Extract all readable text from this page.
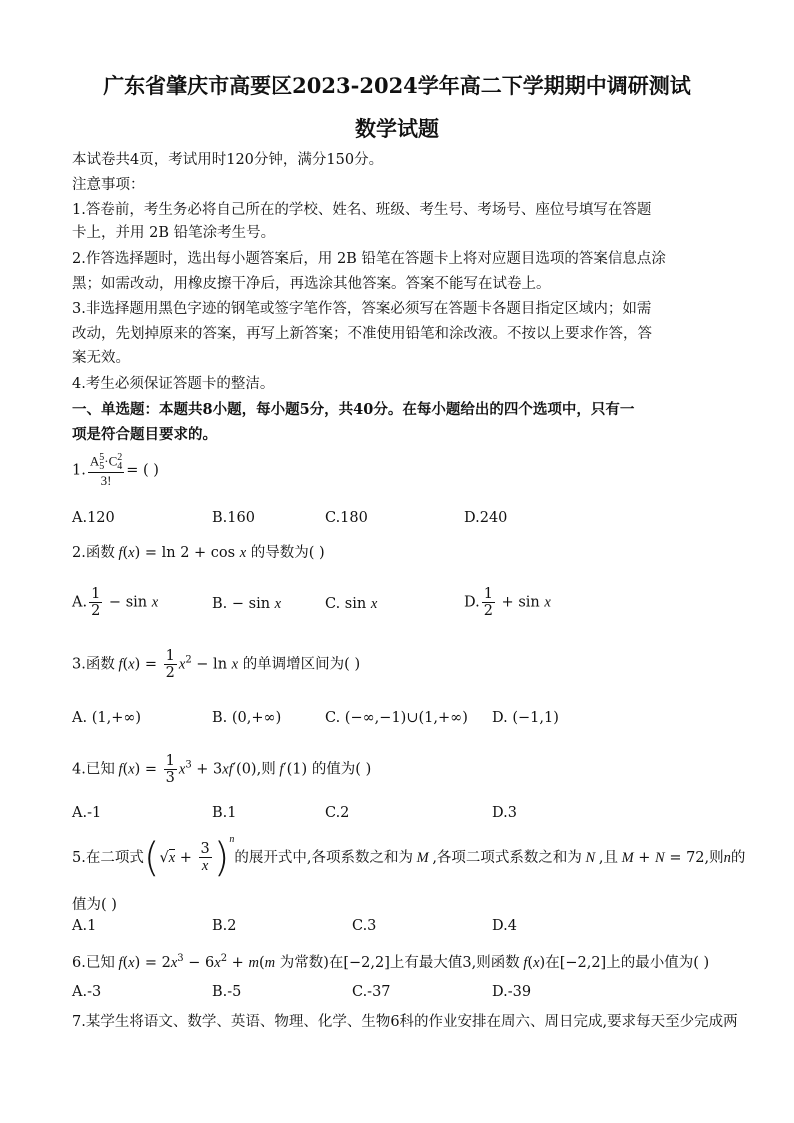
广东省肇庆市高要区2023-2024学年高二下学期期中调研测试
数学试题
本试卷共4页，考试用时120分钟，满分150分。
注意事项：
1.答卷前，考生务必将自己所在的学校、姓名、班级、考生号、考场号、座位号填写在答题
卡上，并用 2B 铅笔涂考生号。
2.作答选择题时，选出每小题答案后，用 2B 铅笔在答题卡上将对应题目选项的答案信息点涂
黑；如需改动，用橡皮擦干净后，再选涂其他答案。答案不能写在试卷上。
3.非选择题用黑色字迹的钢笔或签字笔作答，答案必须写在答题卡各题目指定区域内；如需
改动，先划掉原来的答案，再写上新答案；不准使用铅笔和涂改液。不按以上要求作答，答
案无效。
4.考生必须保证答题卡的整洁。
一、单选题：本题共8小题，每小题5分，共40分。在每小题给出的四个选项中，只有一
项是符合题目要求的。
1. $\frac{A_5^5\cdot C_4^2}{3!}$ = ( )
A.120	B.160	C.180	D.240
2.函数 f(x) = ln 2 + cos x 的导数为( )
A. $\frac{1}{2} - \sin x$	B. − sin x	C. sin x	D. $\frac{1}{2} + \sin x$
3.函数 $f(x) = \frac{1}{2} x^2 - \ln x$ 的单调增区间为( )
A. (1,+∞)	B. (0,+∞)	C. (−∞,−1)∪(1,+∞) D. (−1,1)
4.已知 $f(x) = \frac{1}{3} x^3 + 3xf'(0)$,则 f′(1) 的值为( )
A.-1	B.1	C.2	D.3
5.在二项式$(√x + \frac{3}{x} )^n$的展开式中,各项系数之和为 M ,各项二项式系数之和为 N ,且 M + N = 72,则n的
值为( )
A.1	B.2	C.3	D.4
6.已知 $f(x) = 2x^3 - 6x^2 + m(m$ 为常数)在[−2,2]上有最大值3,则函数 f(x)在[−2,2]上的最小值为( )
A.-3	B.-5	C.-37	D.-39
7.某学生将语文、数学、英语、物理、化学、生物6科的作业安排在周六、周日完成,要求每天至少完成两
